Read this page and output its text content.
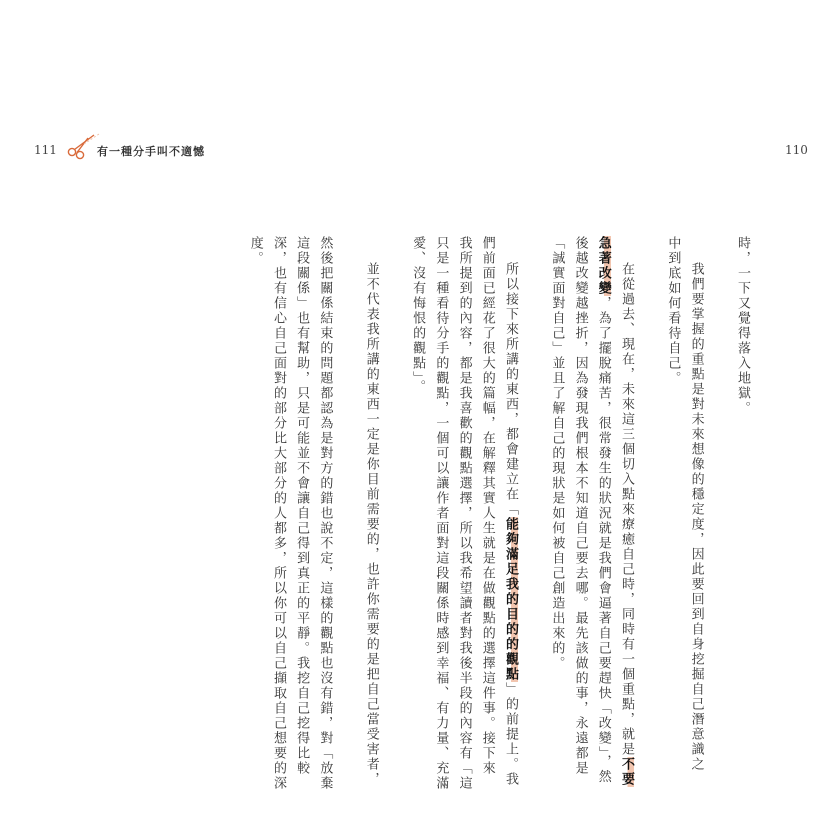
111	有一種分手叫不適憾	110
時，一下又覺得落入地獄。
我們要掌握的重點是對未來想像的穩定度，因此要回到自身挖掘自己潛意識之
中到底如何看待自己。
在從過去、現在，未來這三個切入點來療癒自己時，同時有一個重點，就是不要
急著改變，為了擺脫痛苦，很常發生的狀況就是我們會逼著自己要趕快「改變」，然
後越改變越挫折，因為發現我們根本不知道自己要去哪。最先該做的事，永遠都是
「誠實面對自己」並且了解自己的現狀是如何被自己創造出來的。
所以接下來所講的東西，都會建立在「能夠滿足我的目的的觀點」的前提上。我
們前面已經花了很大的篇幅，在解釋其實人生就是在做觀點的選擇這件事。接下來
我所提到的內容，都是我喜歡的觀點選擇，所以我希望讀者對我後半段的內容有「這
只是一種看待分手的觀點，一個可以讓作者面對這段關係時感到幸福、有力量、充滿
愛、沒有悔恨的觀點」。
並不代表我所講的東西一定是你目前需要的，也許你需要的是把自己當受害者，
然後把關係結束的問題都認為是對方的錯也說不定，這樣的觀點也沒有錯，對「放棄
這段關係」也有幫助，只是可能並不會讓自己得到真正的平靜。我挖自己挖得比較
深，也有信心自己面對的部分比大部分的人都多，所以你可以自己擷取自己想要的深
度。
